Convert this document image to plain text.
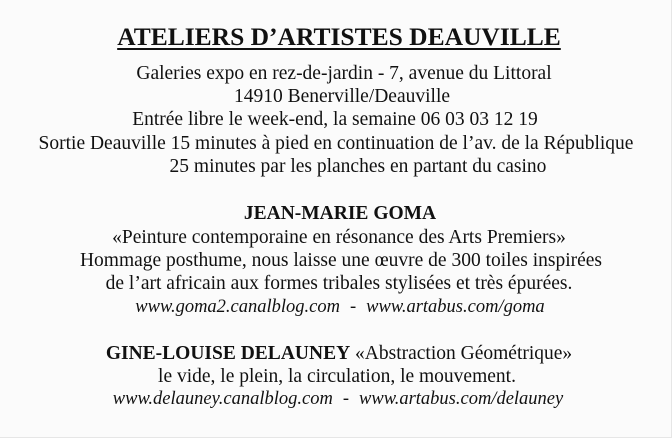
ATELIERS D’ARTISTES DEAUVILLE
Galeries expo en rez-de-jardin - 7, avenue du Littoral
14910 Benerville/Deauville
Entrée libre le week-end, la semaine 06 03 03 12 19
Sortie Deauville 15 minutes à pied en continuation de l’av. de la République
25 minutes par les planches en partant du casino
JEAN-MARIE GOMA
«Peinture contemporaine en résonance des Arts Premiers»
Hommage posthume, nous laisse une œuvre de 300 toiles inspirées
de l’art africain aux formes tribales stylisées et très épurées.
www.goma2.canalblog.com - www.artabus.com/goma
GINE-LOUISE DELAUNEY «Abstraction Géométrique»
le vide, le plein, la circulation, le mouvement.
www.delauney.canalblog.com - www.artabus.com/delauney
